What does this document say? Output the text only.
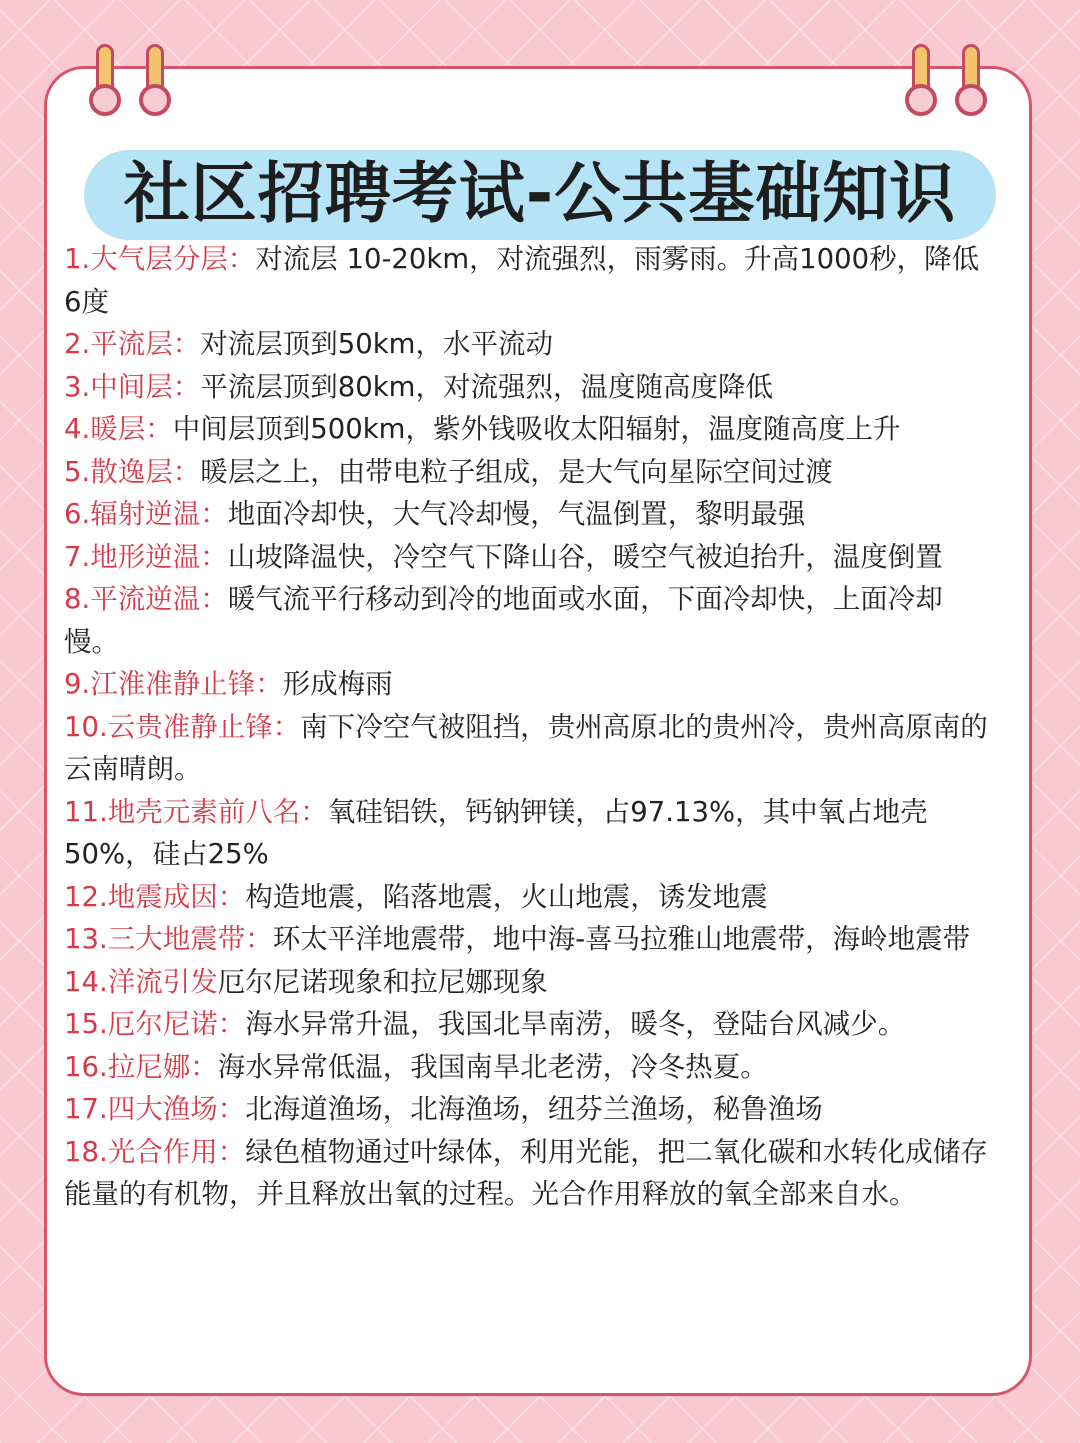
社区招聘考试-公共基础知识

1.大气层分层：对流层 10-20km，对流强烈，雨雾雨。升高1000秒，降低6度

2.平流层：对流层顶到50km，水平流动

3.中间层：平流层顶到80km，对流强烈，温度随高度降低

4.暖层：中间层顶到500km，紫外钱吸收太阳辐射，温度随高度上升

5.散逸层：暖层之上，由带电粒子组成，是大气向星际空间过渡

6.辐射逆温：地面冷却快，大气冷却慢，气温倒置，黎明最强

7.地形逆温：山坡降温快，冷空气下降山谷，暖空气被迫抬升，温度倒置

8.平流逆温：暖气流平行移动到冷的地面或水面，下面冷却快，上面冷却慢。

9.江淮准静止锋：形成梅雨

10.云贵准静止锋：南下冷空气被阻挡，贵州高原北的贵州冷，贵州高原南的云南晴朗。

11.地壳元素前八名：氧硅铝铁，钙钠钾镁，占97.13%，其中氧占地壳50%，硅占25%

12.地震成因：构造地震，陷落地震，火山地震，诱发地震

13.三大地震带：环太平洋地震带，地中海-喜马拉雅山地震带，海岭地震带

14.洋流引发厄尔尼诺现象和拉尼娜现象

15.厄尔尼诺：海水异常升温，我国北旱南涝，暖冬，登陆台风减少。

16.拉尼娜：海水异常低温，我国南旱北老涝，冷冬热夏。

17.四大渔场：北海道渔场，北海渔场，纽芬兰渔场，秘鲁渔场

18.光合作用：绿色植物通过叶绿体，利用光能，把二氧化碳和水转化成储存能量的有机物，并且释放出氧的过程。光合作用释放的氧全部来自水。
